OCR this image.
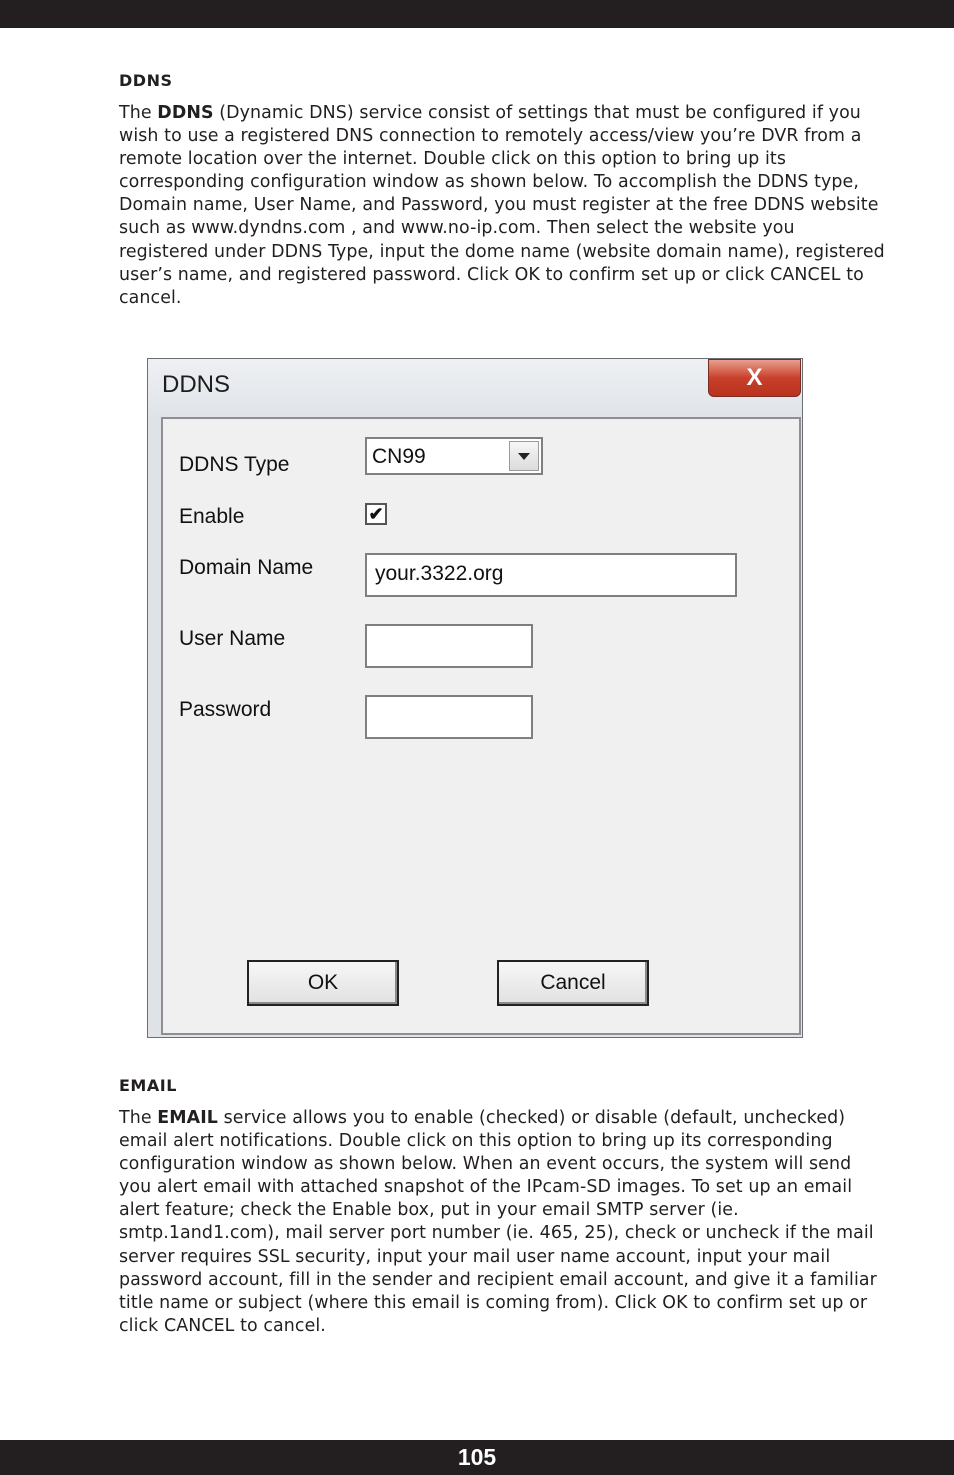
DDNS
The DDNS (Dynamic DNS) service consist of settings that must be configured if you wish to use a registered DNS connection to remotely access/view you’re DVR from a remote location over the internet. Double click on this option to bring up its corresponding configuration window as shown below. To accomplish the DDNS type, Domain name, User Name, and Password, you must register at the free DDNS website such as www.dyndns.com , and www.no-ip.com. Then select the website you registered under DDNS Type, input the dome name (website domain name), registered user’s name, and registered password. Click OK to confirm set up or click CANCEL to cancel.
DDNS	X
DDNS Type	CN99
Enable	✔
Domain Name	your.3322.org
User Name
Password
OK	Cancel
EMAIL
The EMAIL service allows you to enable (checked) or disable (default, unchecked) email alert notifications. Double click on this option to bring up its corresponding configuration window as shown below. When an event occurs, the system will send you alert email with attached snapshot of the IPcam-SD images. To set up an email alert feature; check the Enable box, put in your email SMTP server (ie. smtp.1and1.com), mail server port number (ie. 465, 25), check or uncheck if the mail server requires SSL security, input your mail user name account, input your mail password account, fill in the sender and recipient email account, and give it a familiar title name or subject (where this email is coming from). Click OK to confirm set up or click CANCEL to cancel.
105
